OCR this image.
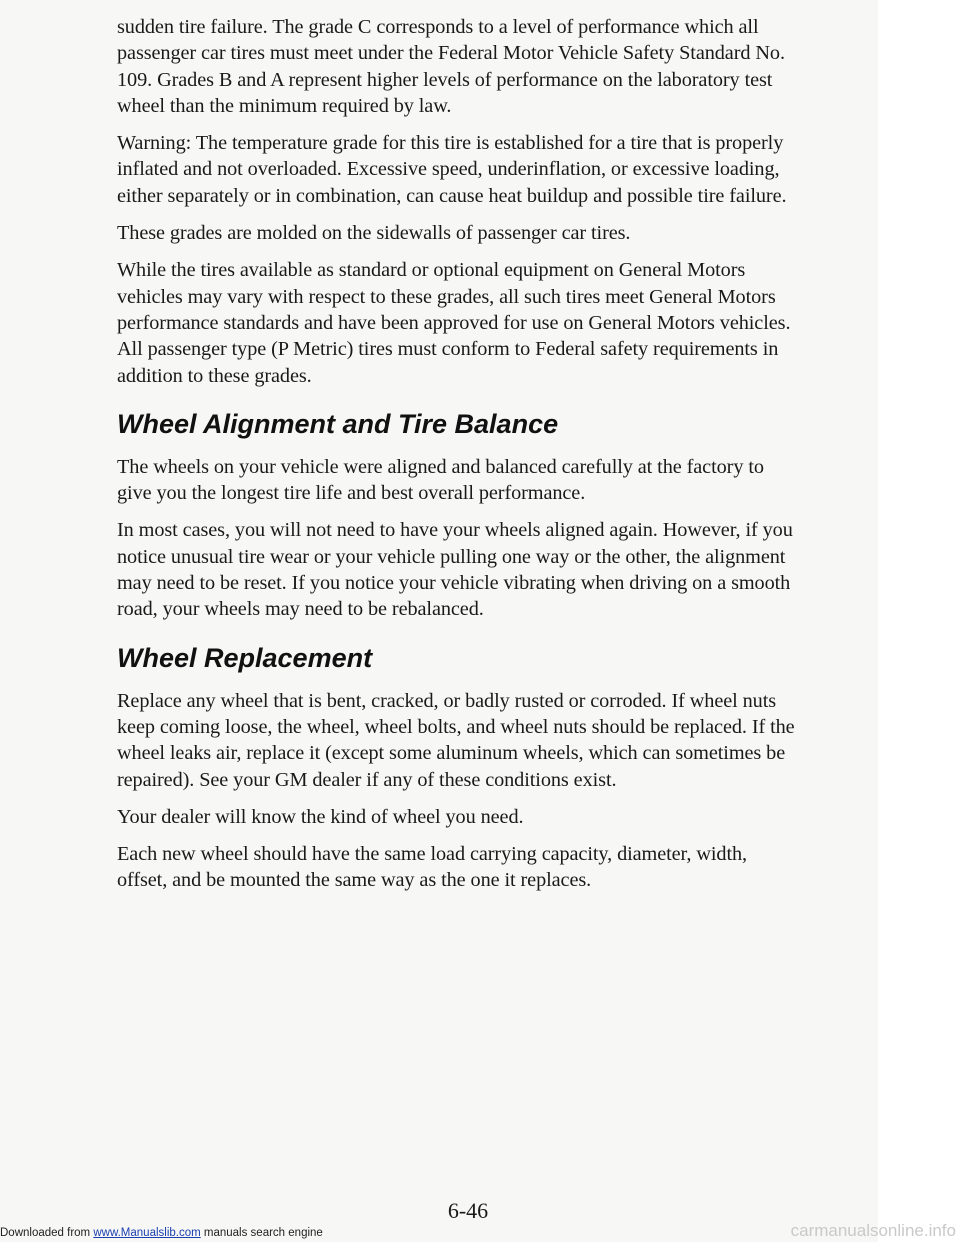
sudden tire failure. The grade C corresponds to a level of performance which all passenger car tires must meet under the Federal Motor Vehicle Safety Standard No. 109. Grades B and A represent higher levels of performance on the laboratory test wheel than the minimum required by law.

Warning: The temperature grade for this tire is established for a tire that is properly inflated and not overloaded. Excessive speed, underinflation, or excessive loading, either separately or in combination, can cause heat buildup and possible tire failure.

These grades are molded on the sidewalls of passenger car tires.

While the tires available as standard or optional equipment on General Motors vehicles may vary with respect to these grades, all such tires meet General Motors performance standards and have been approved for use on General Motors vehicles. All passenger type (P Metric) tires must conform to Federal safety requirements in addition to these grades.

Wheel Alignment and Tire Balance

The wheels on your vehicle were aligned and balanced carefully at the factory to give you the longest tire life and best overall performance.

In most cases, you will not need to have your wheels aligned again. However, if you notice unusual tire wear or your vehicle pulling one way or the other, the alignment may need to be reset. If you notice your vehicle vibrating when driving on a smooth road, your wheels may need to be rebalanced.

Wheel Replacement

Replace any wheel that is bent, cracked, or badly rusted or corroded. If wheel nuts keep coming loose, the wheel, wheel bolts, and wheel nuts should be replaced. If the wheel leaks air, replace it (except some aluminum wheels, which can sometimes be repaired). See your GM dealer if any of these conditions exist.

Your dealer will know the kind of wheel you need.

Each new wheel should have the same load carrying capacity, diameter, width, offset, and be mounted the same way as the one it replaces.

6-46
Downloaded from www.Manualslib.com manuals search engine	carmanualsonline.info
